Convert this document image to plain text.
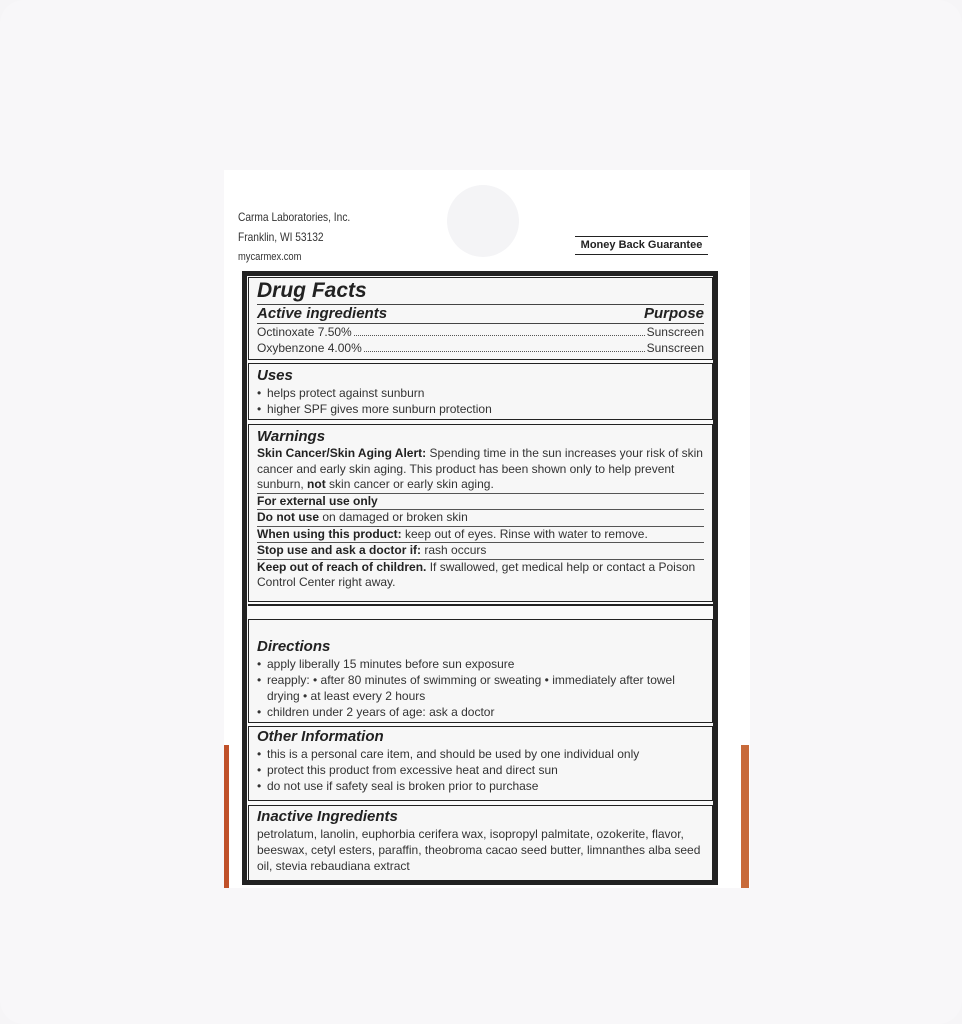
Carma Laboratories, Inc.
Franklin, WI 53132
mycarmex.com
Money Back Guarantee
Drug Facts
Active ingredients	Purpose
Octinoxate 7.50%	Sunscreen
Oxybenzone 4.00%	Sunscreen
Uses
• helps protect against sunburn
• higher SPF gives more sunburn protection
Warnings
Skin Cancer/Skin Aging Alert: Spending time in the sun increases your risk of skin cancer and early skin aging. This product has been shown only to help prevent sunburn, not skin cancer or early skin aging.
For external use only
Do not use on damaged or broken skin
When using this product: keep out of eyes. Rinse with water to remove.
Stop use and ask a doctor if: rash occurs
Keep out of reach of children. If swallowed, get medical help or contact a Poison Control Center right away.
Directions
• apply liberally 15 minutes before sun exposure
• reapply: • after 80 minutes of swimming or sweating • immediately after towel drying • at least every 2 hours
• children under 2 years of age: ask a doctor
Other Information
• this is a personal care item, and should be used by one individual only
• protect this product from excessive heat and direct sun
• do not use if safety seal is broken prior to purchase
Inactive Ingredients
petrolatum, lanolin, euphorbia cerifera wax, isopropyl palmitate, ozokerite, flavor, beeswax, cetyl esters, paraffin, theobroma cacao seed butter, limnanthes alba seed oil, stevia rebaudiana extract
